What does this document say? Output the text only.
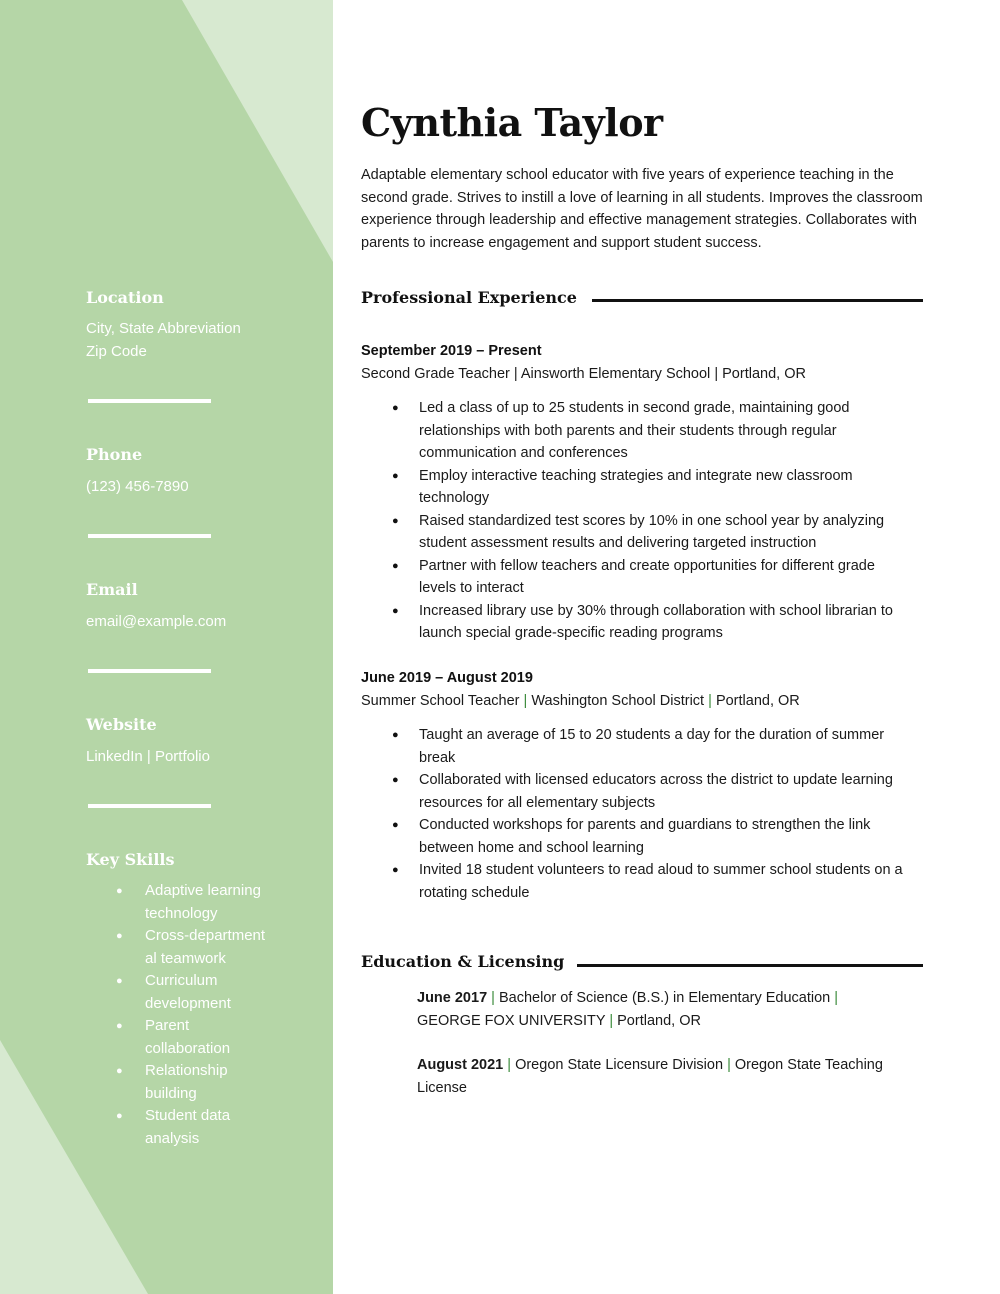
Location
City, State Abbreviation
Zip Code
Phone
(123) 456-7890
Email
email@example.com
Website
LinkedIn | Portfolio
Key Skills
● Adaptive learning technology
● Cross-department al teamwork
● Curriculum development
● Parent collaboration
● Relationship building
● Student data analysis
Cynthia Taylor
Adaptable elementary school educator with five years of experience teaching in the second grade. Strives to instill a love of learning in all students. Improves the classroom experience through leadership and effective management strategies. Collaborates with parents to increase engagement and support student success.
Professional Experience
September 2019 – Present
Second Grade Teacher | Ainsworth Elementary School | Portland, OR
● Led a class of up to 25 students in second grade, maintaining good relationships with both parents and their students through regular communication and conferences
● Employ interactive teaching strategies and integrate new classroom technology
● Raised standardized test scores by 10% in one school year by analyzing student assessment results and delivering targeted instruction
● Partner with fellow teachers and create opportunities for different grade levels to interact
● Increased library use by 30% through collaboration with school librarian to launch special grade-specific reading programs
June 2019 – August 2019
Summer School Teacher | Washington School District | Portland, OR
● Taught an average of 15 to 20 students a day for the duration of summer break
● Collaborated with licensed educators across the district to update learning resources for all elementary subjects
● Conducted workshops for parents and guardians to strengthen the link between home and school learning
● Invited 18 student volunteers to read aloud to summer school students on a rotating schedule
Education & Licensing
June 2017 | Bachelor of Science (B.S.) in Elementary Education |
GEORGE FOX UNIVERSITY | Portland, OR
August 2021 | Oregon State Licensure Division | Oregon State Teaching License
